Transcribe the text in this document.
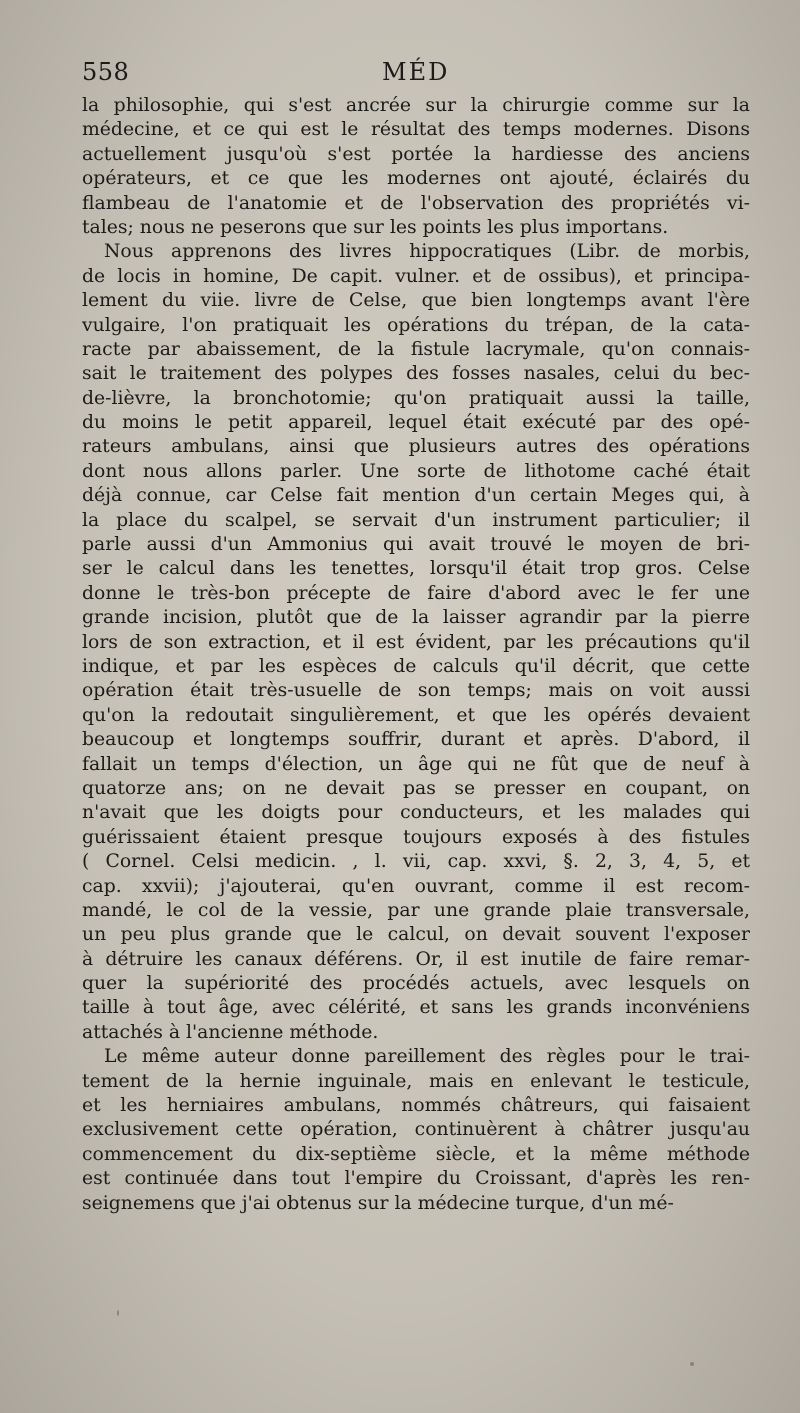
558	MÉD
la philosophie, qui s'est ancrée sur la chirurgie comme sur la
médecine, et ce qui est le résultat des temps modernes. Disons
actuellement jusqu'où s'est portée la hardiesse des anciens
opérateurs, et ce que les modernes ont ajouté, éclairés du
flambeau de l'anatomie et de l'observation des propriétés vi-
tales; nous ne peserons que sur les points les plus importans.
Nous apprenons des livres hippocratiques (Libr. de morbis,
de locis in homine, De capit. vulner. et de ossibus), et principa-
lement du viie. livre de Celse, que bien longtemps avant l'ère
vulgaire, l'on pratiquait les opérations du trépan, de la cata-
racte par abaissement, de la fistule lacrymale, qu'on connais-
sait le traitement des polypes des fosses nasales, celui du bec-
de-lièvre, la bronchotomie; qu'on pratiquait aussi la taille,
du moins le petit appareil, lequel était exécuté par des opé-
rateurs ambulans, ainsi que plusieurs autres des opérations
dont nous allons parler. Une sorte de lithotome caché était
déjà connue, car Celse fait mention d'un certain Meges qui, à
la place du scalpel, se servait d'un instrument particulier; il
parle aussi d'un Ammonius qui avait trouvé le moyen de bri-
ser le calcul dans les tenettes, lorsqu'il était trop gros. Celse
donne le très-bon précepte de faire d'abord avec le fer une
grande incision, plutôt que de la laisser agrandir par la pierre
lors de son extraction, et il est évident, par les précautions qu'il
indique, et par les espèces de calculs qu'il décrit, que cette
opération était très-usuelle de son temps; mais on voit aussi
qu'on la redoutait singulièrement, et que les opérés devaient
beaucoup et longtemps souffrir, durant et après. D'abord, il
fallait un temps d'élection, un âge qui ne fût que de neuf à
quatorze ans; on ne devait pas se presser en coupant, on
n'avait que les doigts pour conducteurs, et les malades qui
guérissaient étaient presque toujours exposés à des fistules
( Cornel. Celsi medicin. , l. vii, cap. xxvi, §. 2, 3, 4, 5, et
cap. xxvii); j'ajouterai, qu'en ouvrant, comme il est recom-
mandé, le col de la vessie, par une grande plaie transversale,
un peu plus grande que le calcul, on devait souvent l'exposer
à détruire les canaux déférens. Or, il est inutile de faire remar-
quer la supériorité des procédés actuels, avec lesquels on
taille à tout âge, avec célérité, et sans les grands inconvéniens
attachés à l'ancienne méthode.
Le même auteur donne pareillement des règles pour le trai-
tement de la hernie inguinale, mais en enlevant le testicule,
et les herniaires ambulans, nommés châtreurs, qui faisaient
exclusivement cette opération, continuèrent à châtrer jusqu'au
commencement du dix-septième siècle, et la même méthode
est continuée dans tout l'empire du Croissant, d'après les ren-
seignemens que j'ai obtenus sur la médecine turque, d'un mé-
